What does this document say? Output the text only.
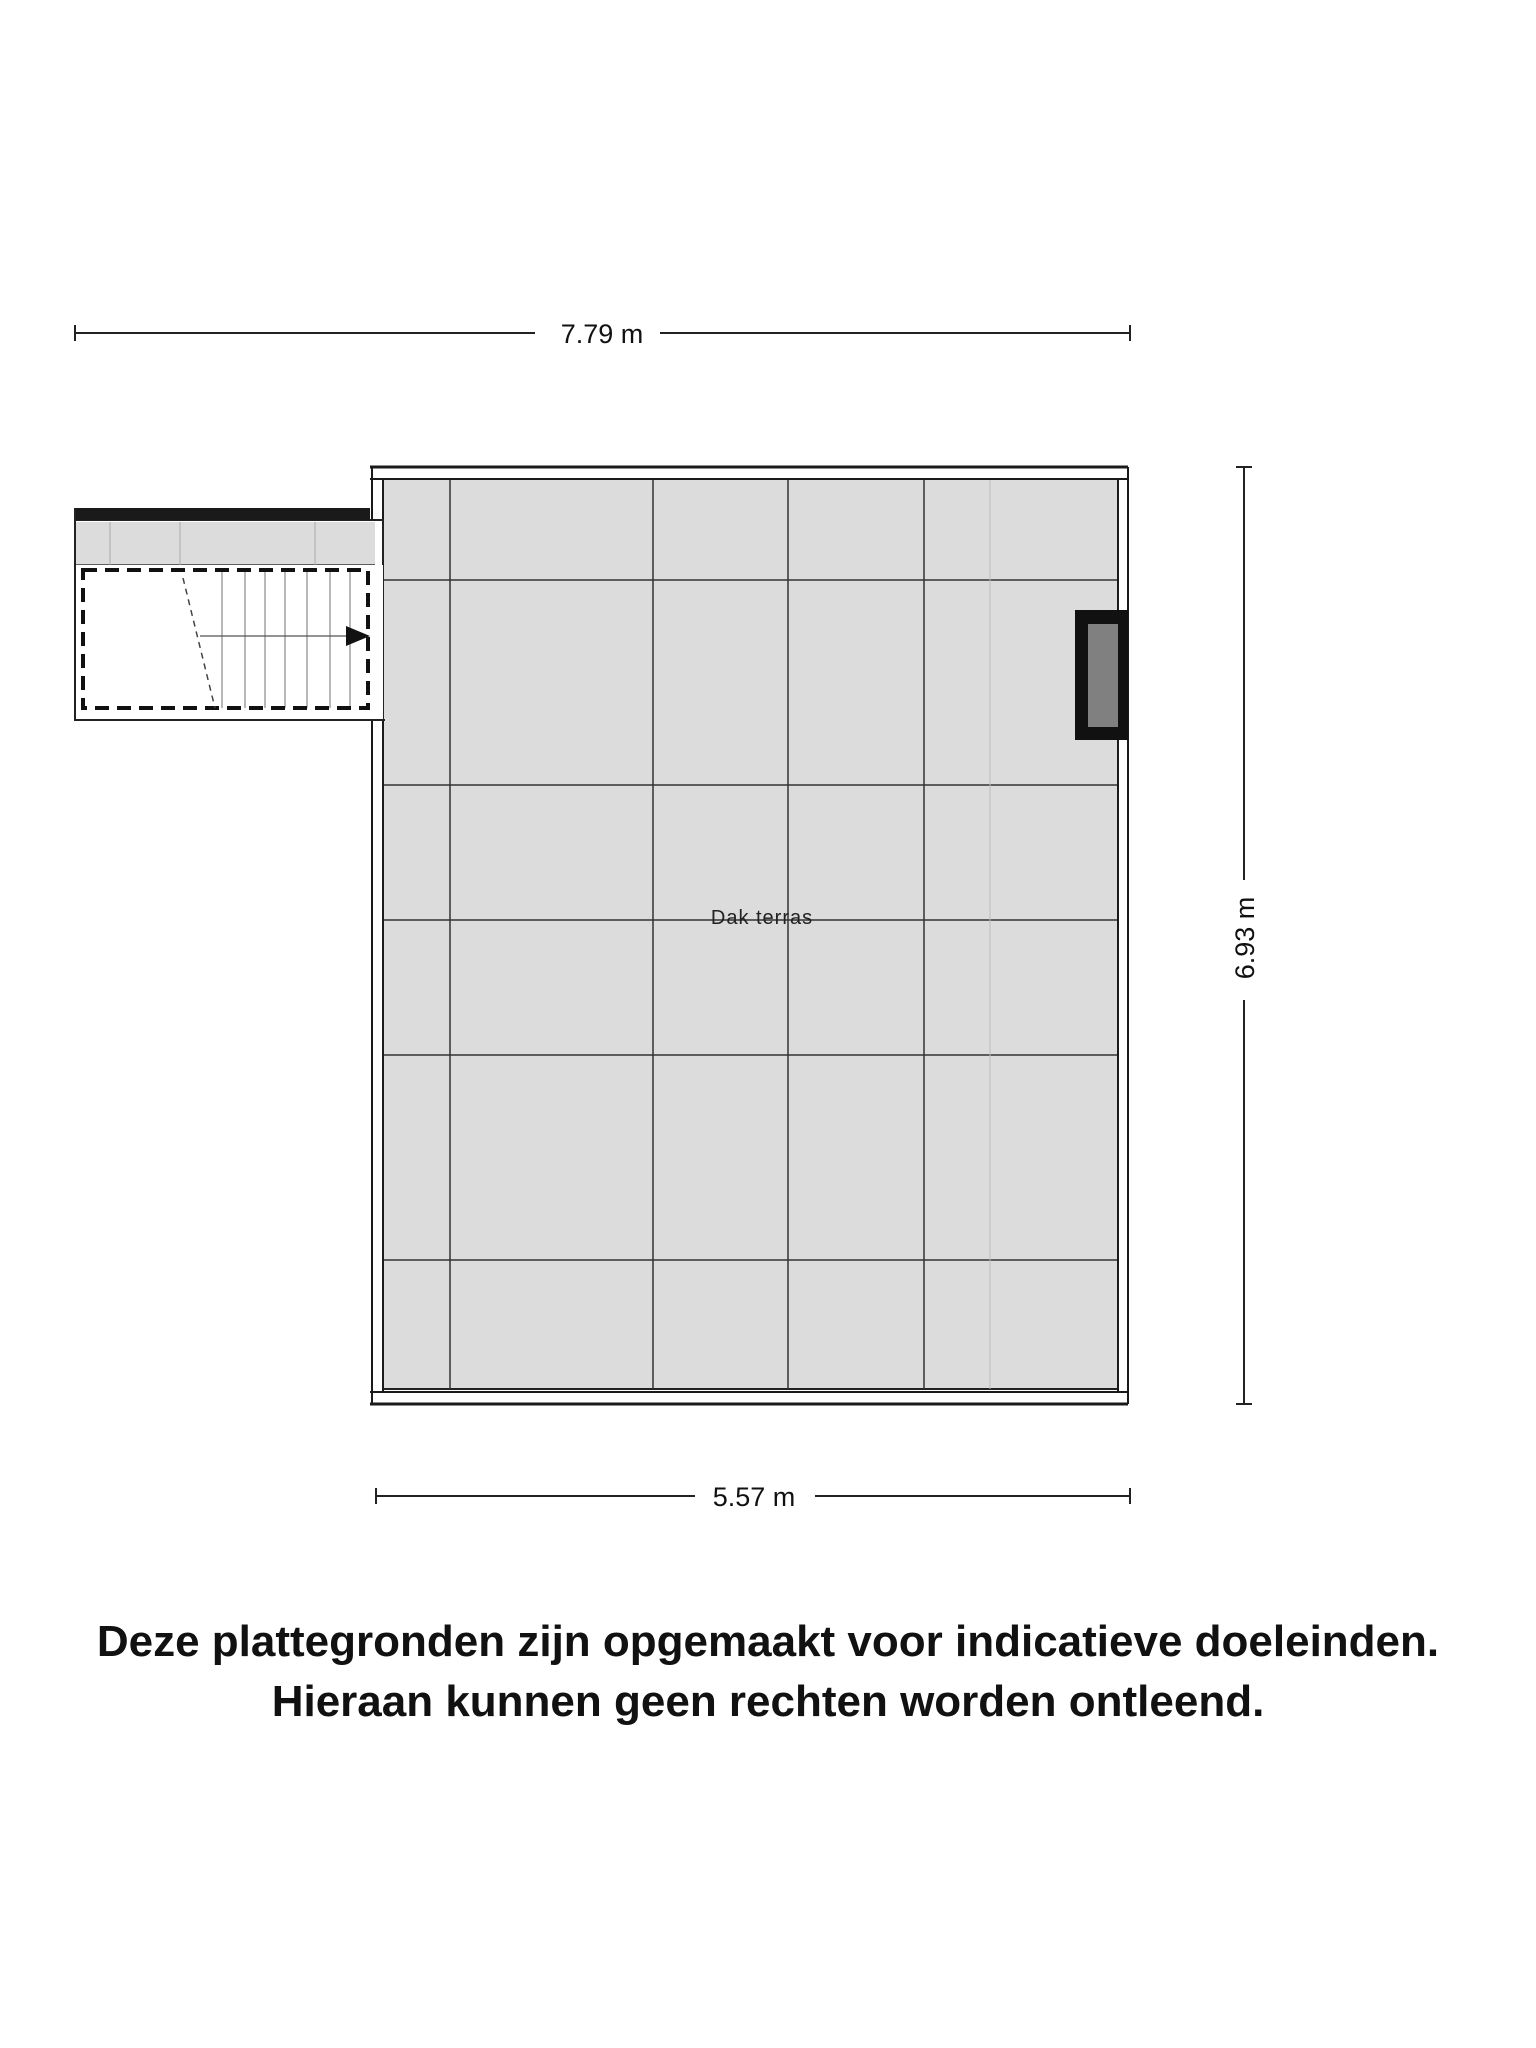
7.79 m
Dak terras	6.93 m
5.57 m
Deze plattegronden zijn opgemaakt voor indicatieve doeleinden.
Hieraan kunnen geen rechten worden ontleend.
